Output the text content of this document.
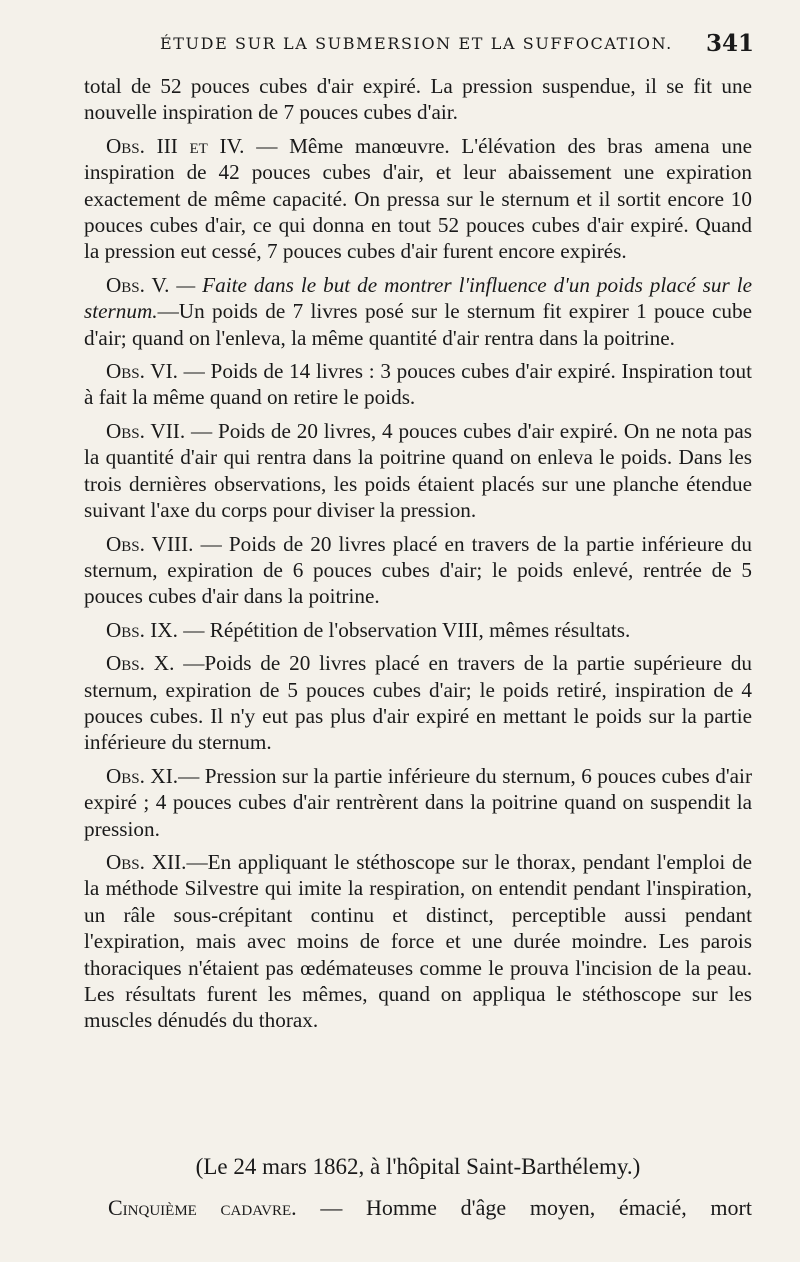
ÉTUDE SUR LA SUBMERSION ET LA SUFFOCATION. 341

total de 52 pouces cubes d'air expiré. La pression suspendue, il se fit une nouvelle inspiration de 7 pouces cubes d'air.

Obs. III et IV. — Même manœuvre. L'élévation des bras amena une inspiration de 42 pouces cubes d'air, et leur abaissement une expiration exactement de même capacité. On pressa sur le sternum et il sortit encore 10 pouces cubes d'air, ce qui donna en tout 52 pouces cubes d'air expiré. Quand la pression eut cessé, 7 pouces cubes d'air furent encore expirés.

Obs. V. — Faite dans le but de montrer l'influence d'un poids placé sur le sternum.—Un poids de 7 livres posé sur le sternum fit expirer 1 pouce cube d'air; quand on l'enleva, la même quantité d'air rentra dans la poitrine.

Obs. VI. — Poids de 14 livres : 3 pouces cubes d'air expiré. Inspiration tout à fait la même quand on retire le poids.

Obs. VII. — Poids de 20 livres, 4 pouces cubes d'air expiré. On ne nota pas la quantité d'air qui rentra dans la poitrine quand on enleva le poids. Dans les trois dernières observations, les poids étaient placés sur une planche étendue suivant l'axe du corps pour diviser la pression.

Obs. VIII. — Poids de 20 livres placé en travers de la partie inférieure du sternum, expiration de 6 pouces cubes d'air; le poids enlevé, rentrée de 5 pouces cubes d'air dans la poitrine.

Obs. IX. — Répétition de l'observation VIII, mêmes résultats.

Obs. X. —Poids de 20 livres placé en travers de la partie supérieure du sternum, expiration de 5 pouces cubes d'air; le poids retiré, inspiration de 4 pouces cubes. Il n'y eut pas plus d'air expiré en mettant le poids sur la partie inférieure du sternum.

Obs. XI.— Pression sur la partie inférieure du sternum, 6 pouces cubes d'air expiré ; 4 pouces cubes d'air rentrèrent dans la poitrine quand on suspendit la pression.

Obs. XII.—En appliquant le stéthoscope sur le thorax, pendant l'emploi de la méthode Silvestre qui imite la respiration, on entendit pendant l'inspiration, un râle sous-crépitant continu et distinct, perceptible aussi pendant l'expiration, mais avec moins de force et une durée moindre. Les parois thoraciques n'étaient pas œdémateuses comme le prouva l'incision de la peau. Les résultats furent les mêmes, quand on appliqua le stéthoscope sur les muscles dénudés du thorax.

(Le 24 mars 1862, à l'hôpital Saint-Barthélemy.)
Cinquième cadavre. — Homme d'âge moyen, émacié, mort
